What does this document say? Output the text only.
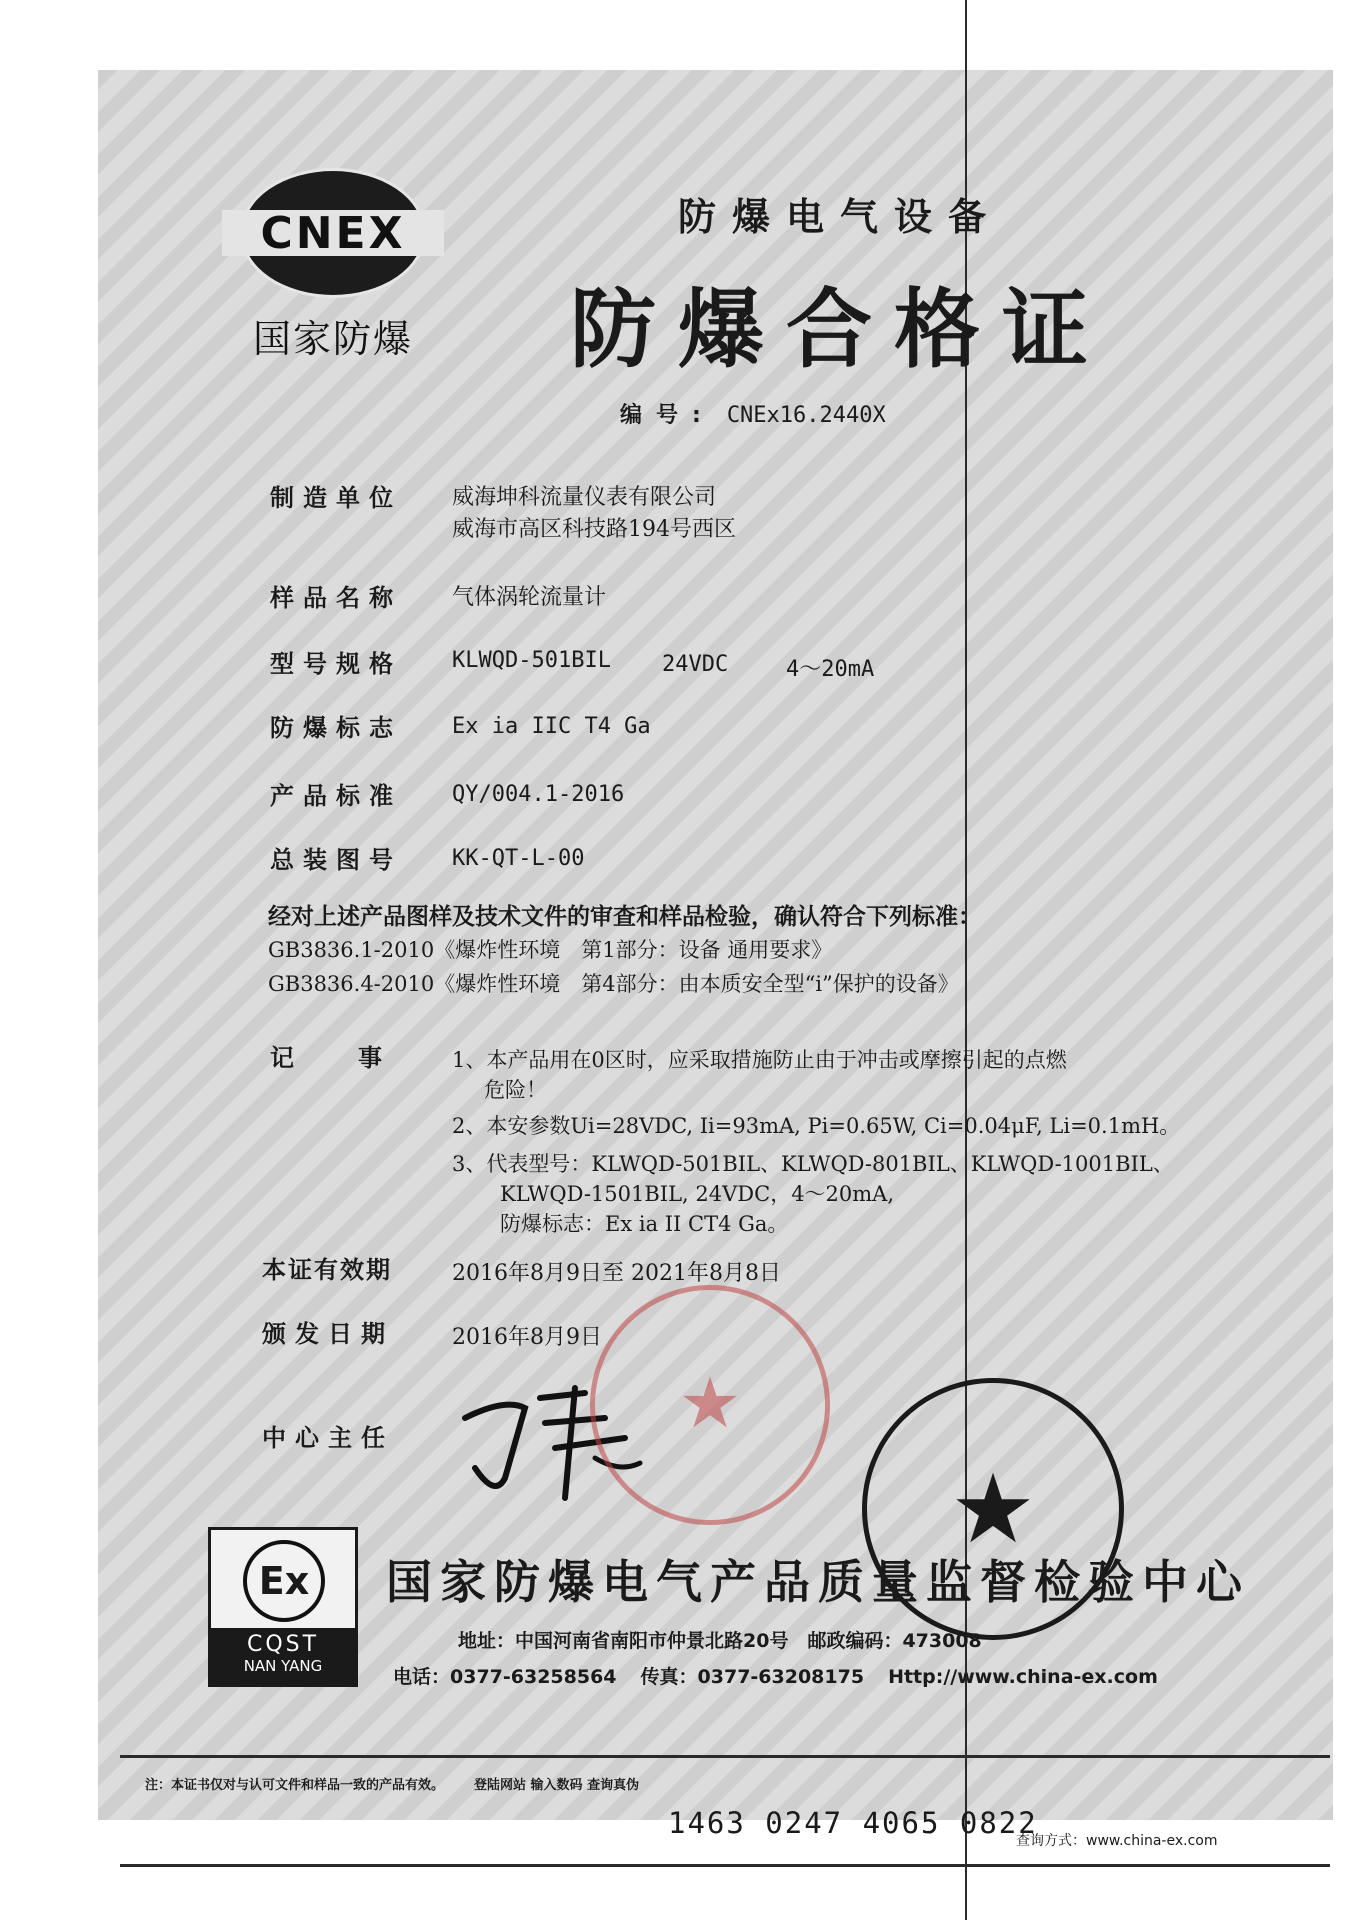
CNEX
国家防爆
防爆电气设备
防爆合格证
编号: CNEx16.2440X
制造单位 威海坤科流量仪表有限公司
威海市高区科技路194号西区
样品名称 气体涡轮流量计
型号规格 KLWQD-501BIL 24VDC	4～20mA
防爆标志 Ex ia IIC T4 Ga
产品标准 QY/004.1-2016
总装图号 KK-QT-L-00
经对上述产品图样及技术文件的审查和样品检验，确认符合下列标准：
GB3836.1-2010《爆炸性环境　第1部分：设备 通用要求》
GB3836.4-2010《爆炸性环境　第4部分：由本质安全型“i”保护的设备》
记　事 1、本产品用在0区时，应采取措施防止由于冲击或摩擦引起的点燃
危险！
2、本安参数Ui=28VDC, Ii=93mA, Pi=0.65W, Ci=0.04μF, Li=0.1mH。
3、代表型号：KLWQD-501BIL、KLWQD-801BIL、KLWQD-1001BIL、
KLWQD-1501BIL, 24VDC，4～20mA,
防爆标志：Ex ia II CT4 Ga。
本证有效期	2016年8月9日至 2021年8月8日
颁发日期	2016年8月9日
中心主任	★
★
Ex
CQST
NAN YANG
国家防爆电气产品质量监督检验中心
地址：中国河南省南阳市仲景北路20号　邮政编码：473008
电话：0377-63258564 传真：0377-63208175 Http://www.china-ex.com
注：本证书仅对与认可文件和样品一致的产品有效。 登陆网站 输入数码 查询真伪
1463 0247 4065 0822
查询方式：www.china-ex.com
